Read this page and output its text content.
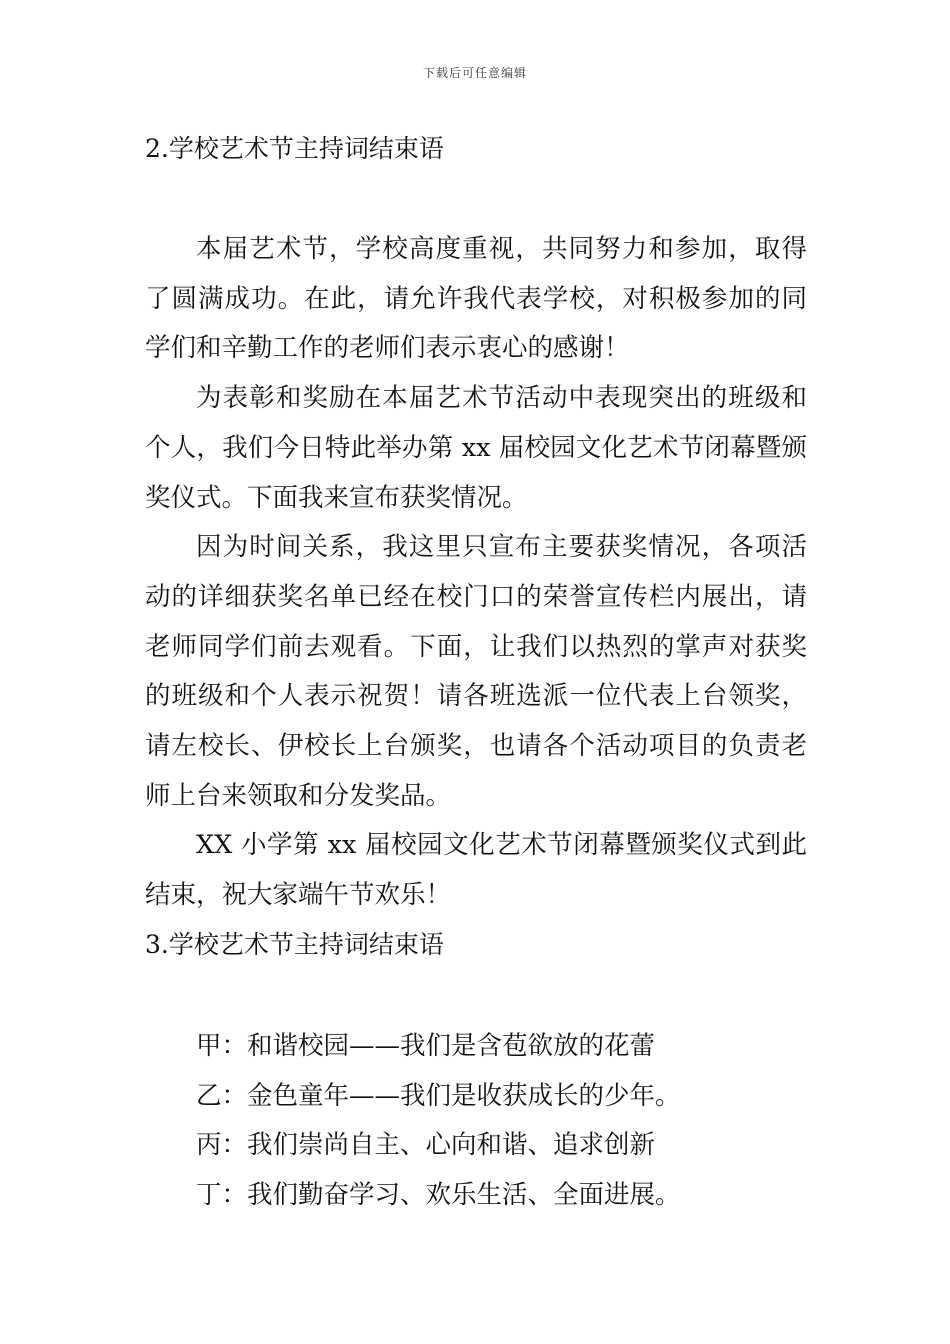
下载后可任意编辑
2.学校艺术节主持词结束语

本届艺术节，学校高度重视，共同努力和参加，取得了圆满成功。在此，请允许我代表学校，对积极参加的同学们和辛勤工作的老师们表示衷心的感谢！

为表彰和奖励在本届艺术节活动中表现突出的班级和个人，我们今日特此举办第 xx 届校园文化艺术节闭幕暨颁奖仪式。下面我来宣布获奖情况。

因为时间关系，我这里只宣布主要获奖情况，各项活动的详细获奖名单已经在校门口的荣誉宣传栏内展出，请老师同学们前去观看。下面，让我们以热烈的掌声对获奖的班级和个人表示祝贺！请各班选派一位代表上台领奖，请左校长、伊校长上台颁奖，也请各个活动项目的负责老师上台来领取和分发奖品。

XX 小学第 xx 届校园文化艺术节闭幕暨颁奖仪式到此结束，祝大家端午节欢乐！

3.学校艺术节主持词结束语
甲：和谐校园——我们是含苞欲放的花蕾
乙：金色童年——我们是收获成长的少年。
丙：我们崇尚自主、心向和谐、追求创新
丁：我们勤奋学习、欢乐生活、全面进展。
